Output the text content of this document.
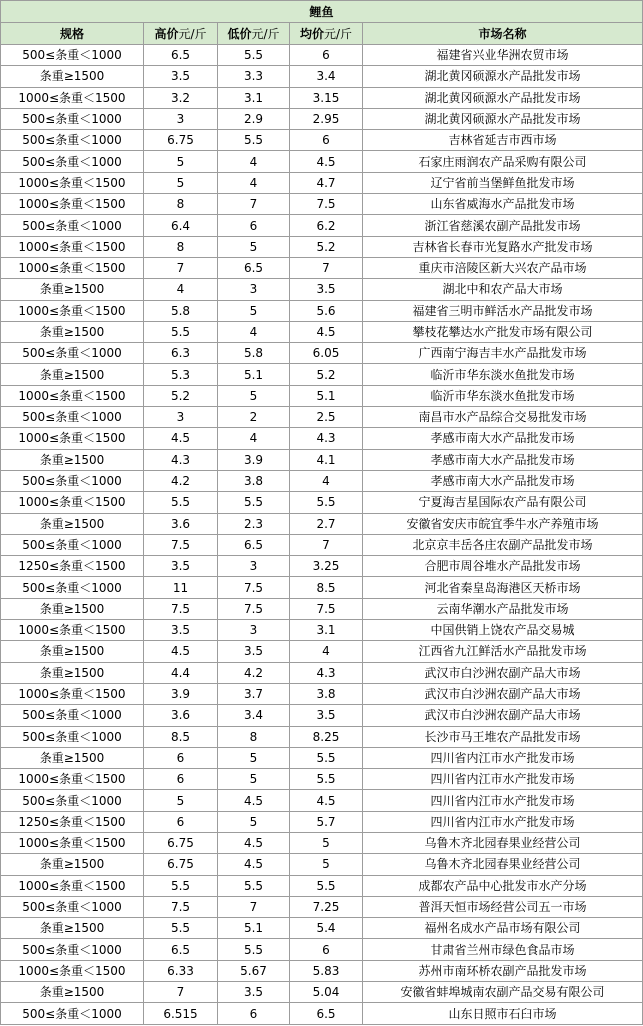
鲤鱼				
规格	高价元/斤	低价元/斤	均价元/斤	市场名称
500≤条重＜1000	6.5	5.5	6	福建省兴业华洲农贸市场
条重≥1500	3.5	3.3	3.4	湖北黄冈硕源水产品批发市场
1000≤条重＜1500	3.2	3.1	3.15	湖北黄冈硕源水产品批发市场
500≤条重＜1000	3	2.9	2.95	湖北黄冈硕源水产品批发市场
500≤条重＜1000	6.75	5.5	6	吉林省延吉市西市场
500≤条重＜1000	5	4	4.5	石家庄雨润农产品采购有限公司
1000≤条重＜1500	5	4	4.7	辽宁省前当堡鲜鱼批发市场
1000≤条重＜1500	8	7	7.5	山东省威海水产品批发市场
500≤条重＜1000	6.4	6	6.2	浙江省慈溪农副产品批发市场
1000≤条重＜1500	8	5	5.2	吉林省长春市光复路水产批发市场
1000≤条重＜1500	7	6.5	7	重庆市涪陵区新大兴农产品市场
条重≥1500	4	3	3.5	湖北中和农产品大市场
1000≤条重＜1500	5.8	5	5.6	福建省三明市鲜活水产品批发市场
条重≥1500	5.5	4	4.5	攀枝花攀达水产批发市场有限公司
500≤条重＜1000	6.3	5.8	6.05	广西南宁海吉丰水产品批发市场
条重≥1500	5.3	5.1	5.2	临沂市华东淡水鱼批发市场
1000≤条重＜1500	5.2	5	5.1	临沂市华东淡水鱼批发市场
500≤条重＜1000	3	2	2.5	南昌市水产品综合交易批发市场
1000≤条重＜1500	4.5	4	4.3	孝感市南大水产品批发市场
条重≥1500	4.3	3.9	4.1	孝感市南大水产品批发市场
500≤条重＜1000	4.2	3.8	4	孝感市南大水产品批发市场
1000≤条重＜1500	5.5	5.5	5.5	宁夏海吉星国际农产品有限公司
条重≥1500	3.6	2.3	2.7	安徽省安庆市皖宜季牛水产养殖市场
500≤条重＜1000	7.5	6.5	7	北京京丰岳各庄农副产品批发市场
1250≤条重＜1500	3.5	3	3.25	合肥市周谷堆水产品批发市场
500≤条重＜1000	11	7.5	8.5	河北省秦皇岛海港区天桥市场
条重≥1500	7.5	7.5	7.5	云南华潮水产品批发市场
1000≤条重＜1500	3.5	3	3.1	中国供销上饶农产品交易城
条重≥1500	4.5	3.5	4	江西省九江鲜活水产品批发市场
条重≥1500	4.4	4.2	4.3	武汉市白沙洲农副产品大市场
1000≤条重＜1500	3.9	3.7	3.8	武汉市白沙洲农副产品大市场
500≤条重＜1000	3.6	3.4	3.5	武汉市白沙洲农副产品大市场
500≤条重＜1000	8.5	8	8.25	长沙市马王堆农产品批发市场
条重≥1500	6	5	5.5	四川省内江市水产批发市场
1000≤条重＜1500	6	5	5.5	四川省内江市水产批发市场
500≤条重＜1000	5	4.5	4.5	四川省内江市水产批发市场
1250≤条重＜1500	6	5	5.7	四川省内江市水产批发市场
1000≤条重＜1500	6.75	4.5	5	乌鲁木齐北园春果业经营公司
条重≥1500	6.75	4.5	5	乌鲁木齐北园春果业经营公司
1000≤条重＜1500	5.5	5.5	5.5	成都农产品中心批发市水产分场
500≤条重＜1000	7.5	7	7.25	普洱天恒市场经营公司五一市场
条重≥1500	5.5	5.1	5.4	福州名成水产品市场有限公司
500≤条重＜1000	6.5	5.5	6	甘肃省兰州市绿色食品市场
1000≤条重＜1500	6.33	5.67	5.83	苏州市南环桥农副产品批发市场
条重≥1500	7	3.5	5.04	安徽省蚌埠城南农副产品交易有限公司
500≤条重＜1000	6.515	6	6.5	山东日照市石臼市场
